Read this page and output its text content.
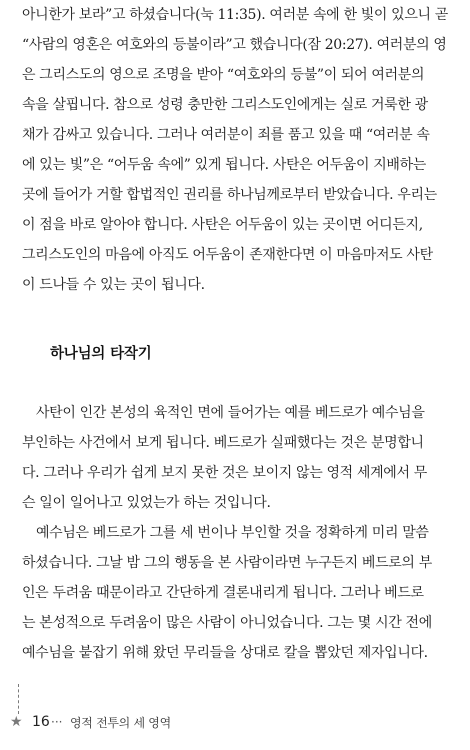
아니한가 보라”고 하셨습니다(눅 11:35). 여러분 속에 한 빛이 있으니 곧
“사람의 영혼은 여호와의 등불이라”고 했습니다(잠 20:27). 여러분의 영
은 그리스도의 영으로 조명을 받아 “여호와의 등불”이 되어 여러분의
속을 살핍니다. 참으로 성령 충만한 그리스도인에게는 실로 거룩한 광
채가 감싸고 있습니다. 그러나 여러분이 죄를 품고 있을 때 “여러분 속
에 있는 빛”은 “어두움 속에” 있게 됩니다. 사탄은 어두움이 지배하는
곳에 들어가 거할 합법적인 권리를 하나님께로부터 받았습니다. 우리는
이 점을 바로 알아야 합니다. 사탄은 어두움이 있는 곳이면 어디든지,
그리스도인의 마음에 아직도 어두움이 존재한다면 이 마음마저도 사탄
이 드나들 수 있는 곳이 됩니다.
하나님의 타작기
사탄이 인간 본성의 육적인 면에 들어가는 예를 베드로가 예수님을
부인하는 사건에서 보게 됩니다. 베드로가 실패했다는 것은 분명합니
다. 그러나 우리가 쉽게 보지 못한 것은 보이지 않는 영적 세계에서 무
슨 일이 일어나고 있었는가 하는 것입니다.
예수님은 베드로가 그를 세 번이나 부인할 것을 정확하게 미리 말씀
하셨습니다. 그날 밤 그의 행동을 본 사람이라면 누구든지 베드로의 부
인은 두려움 때문이라고 간단하게 결론내리게 됩니다. 그러나 베드로
는 본성적으로 두려움이 많은 사람이 아니었습니다. 그는 몇 시간 전에
예수님을 붙잡기 위해 왔던 무리들을 상대로 칼을 뽑았던 제자입니다.
★ 16 ··· 영적 전투의 세 영역
